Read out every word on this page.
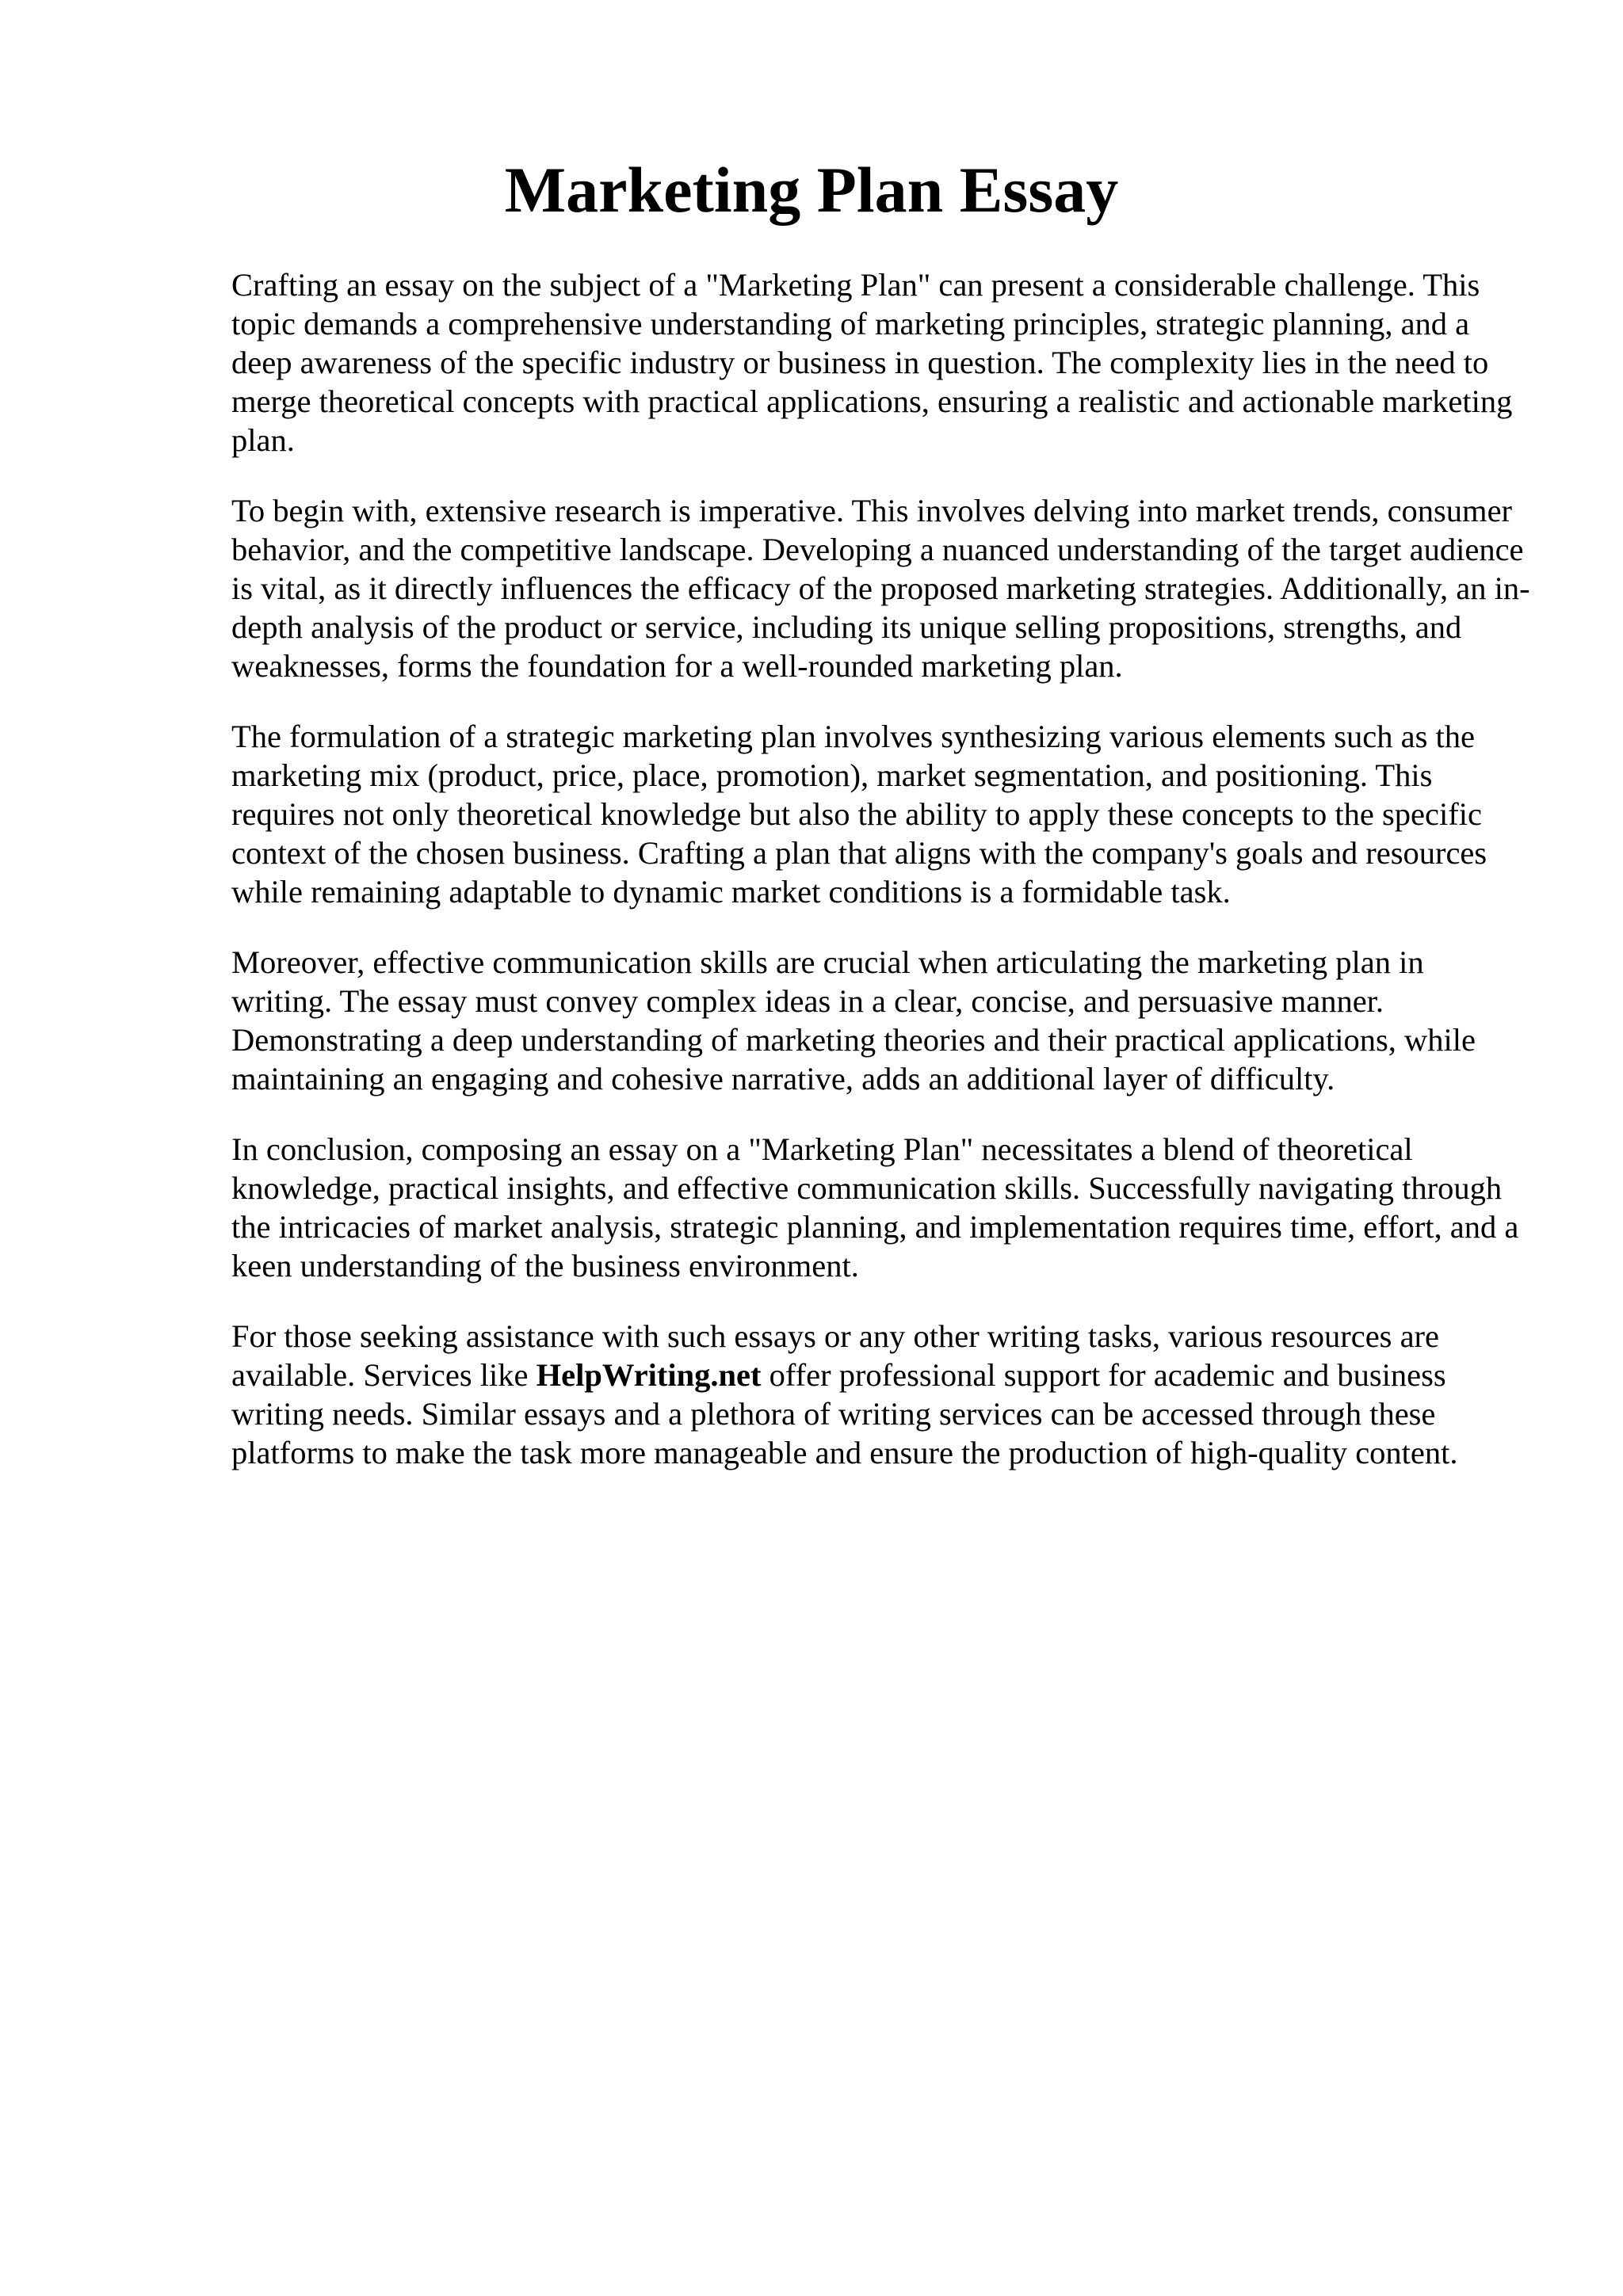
Marketing Plan Essay

Crafting an essay on the subject of a "Marketing Plan" can present a considerable challenge. This topic demands a comprehensive understanding of marketing principles, strategic planning, and a deep awareness of the specific industry or business in question. The complexity lies in the need to merge theoretical concepts with practical applications, ensuring a realistic and actionable marketing plan.

To begin with, extensive research is imperative. This involves delving into market trends, consumer behavior, and the competitive landscape. Developing a nuanced understanding of the target audience is vital, as it directly influences the efficacy of the proposed marketing strategies. Additionally, an in-depth analysis of the product or service, including its unique selling propositions, strengths, and weaknesses, forms the foundation for a well-rounded marketing plan.

The formulation of a strategic marketing plan involves synthesizing various elements such as the marketing mix (product, price, place, promotion), market segmentation, and positioning. This requires not only theoretical knowledge but also the ability to apply these concepts to the specific context of the chosen business. Crafting a plan that aligns with the company's goals and resources while remaining adaptable to dynamic market conditions is a formidable task.

Moreover, effective communication skills are crucial when articulating the marketing plan in writing. The essay must convey complex ideas in a clear, concise, and persuasive manner. Demonstrating a deep understanding of marketing theories and their practical applications, while maintaining an engaging and cohesive narrative, adds an additional layer of difficulty.

In conclusion, composing an essay on a "Marketing Plan" necessitates a blend of theoretical knowledge, practical insights, and effective communication skills. Successfully navigating through the intricacies of market analysis, strategic planning, and implementation requires time, effort, and a keen understanding of the business environment.

For those seeking assistance with such essays or any other writing tasks, various resources are available. Services like HelpWriting.net offer professional support for academic and business writing needs. Similar essays and a plethora of writing services can be accessed through these platforms to make the task more manageable and ensure the production of high-quality content.
